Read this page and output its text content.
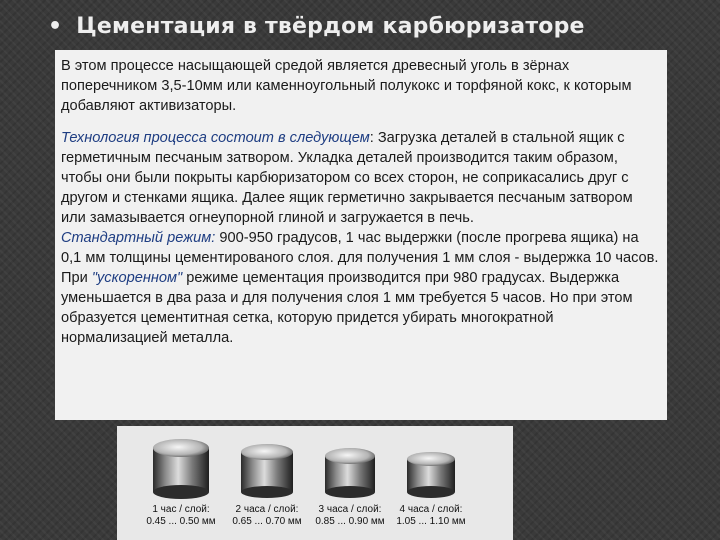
• Цементация в твёрдом карбюризаторе

В этом процессе насыщающей средой является древесный уголь в зёрнах поперечником 3,5-10мм или каменноугольный полукокс и торфяной кокс, к которым добавляют активизаторы.

Технология процесса состоит в следующем: Загрузка деталей в стальной ящик с герметичным песчаным затвором. Укладка деталей производится таким образом, чтобы они были покрыты карбюризатором со всех сторон, не соприкасались друг с другом и стенками ящика. Далее ящик герметично закрывается песчаным затвором или замазывается огнеупорной глиной и загружается в печь.

Стандартный режим: 900-950 градусов, 1 час выдержки (после прогрева ящика) на 0,1 мм толщины цементированого слоя. для получения 1 мм слоя - выдержка 10 часов.

При "ускоренном" режиме цементация производится при 980 градусах. Выдержка уменьшается в два раза и для получения слоя 1 мм требуется 5 часов. Но при этом образуется цементитная сетка, которую придется убирать многократной нормализацией металла.

1 час / слой:
0.45 ... 0.50 мм
2 часа / слой:
0.65 ... 0.70 мм
3 часа / слой:
0.85 ... 0.90 мм
4 часа / слой:
1.05 ... 1.10 мм
